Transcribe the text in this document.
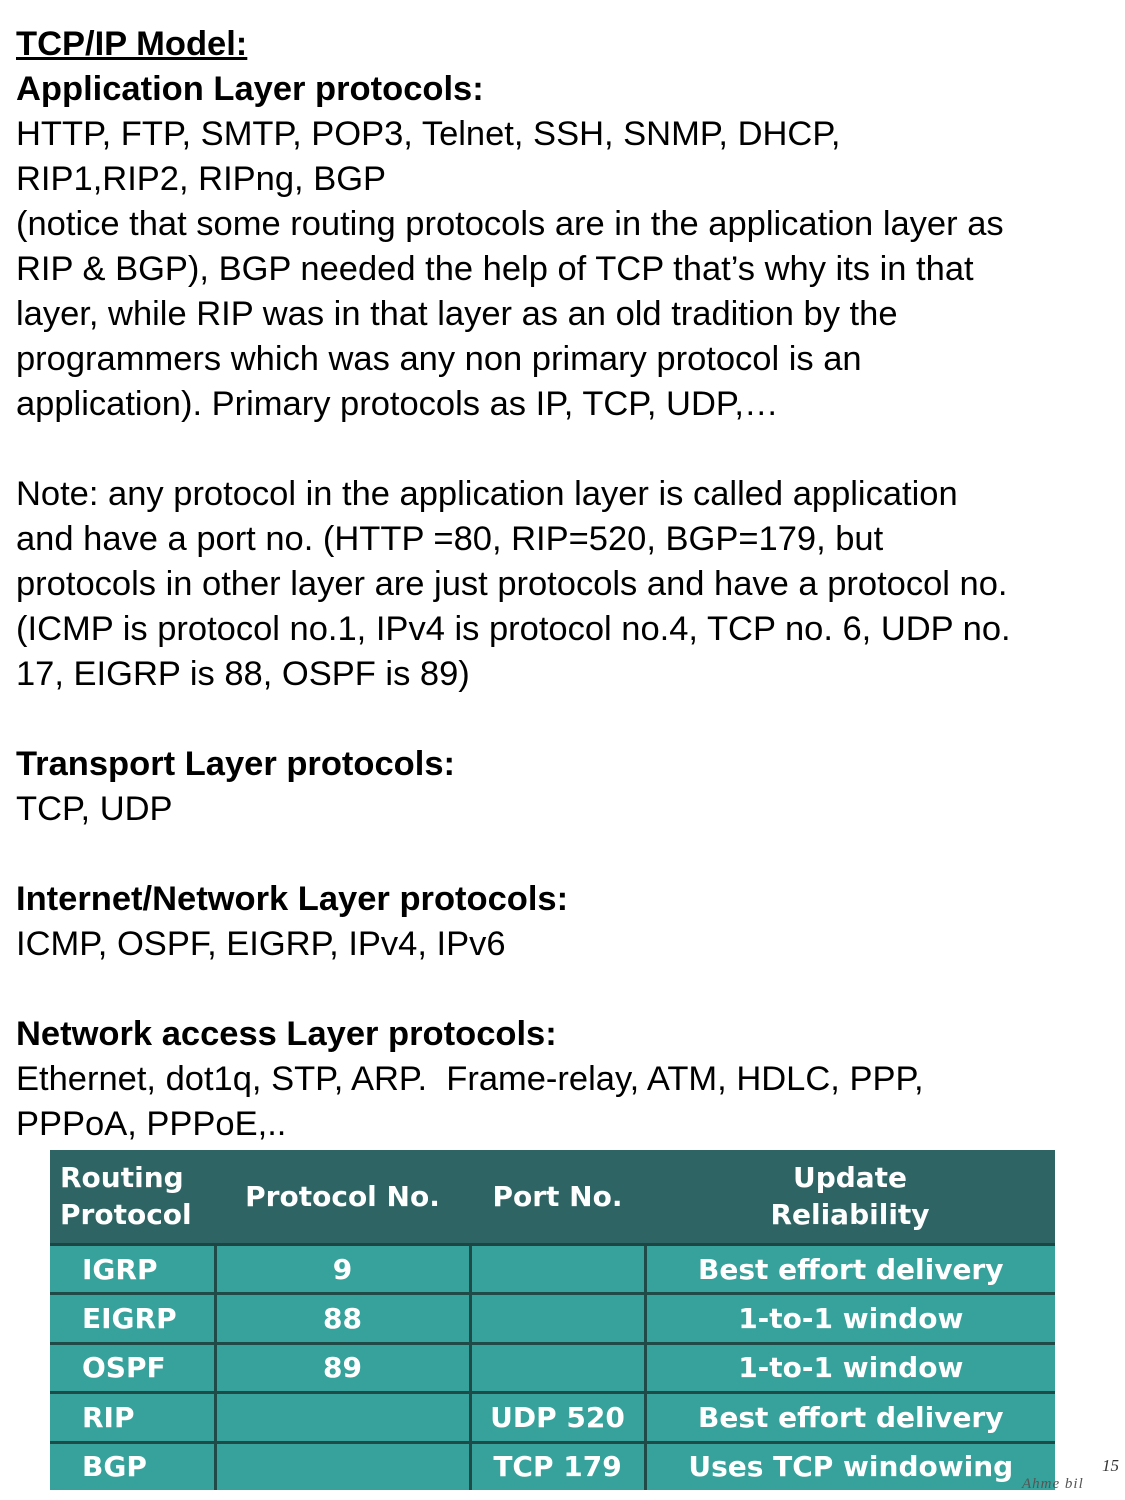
TCP/IP Model:
Application Layer protocols:
HTTP, FTP, SMTP, POP3, Telnet, SSH, SNMP, DHCP,
RIP1,RIP2, RIPng, BGP
(notice that some routing protocols are in the application layer as
RIP & BGP), BGP needed the help of TCP that’s why its in that
layer, while RIP was in that layer as an old tradition by the
programmers which was any non primary protocol is an
application). Primary protocols as IP, TCP, UDP,…
Note: any protocol in the application layer is called application
and have a port no. (HTTP =80, RIP=520, BGP=179, but
protocols in other layer are just protocols and have a protocol no.
(ICMP is protocol no.1, IPv4 is protocol no.4, TCP no. 6, UDP no.
17, EIGRP is 88, OSPF is 89)
Transport Layer protocols:
TCP, UDP
Internet/Network Layer protocols:
ICMP, OSPF, EIGRP, IPv4, IPv6
Network access Layer protocols:
Ethernet, dot1q, STP, ARP.  Frame-relay, ATM, HDLC, PPP,
PPPoA, PPPoE,..
Routing
Protocol	Protocol No.	Port No.	Update
Reliability
IGRP	9		Best effort delivery
EIGRP	88		1-to-1 window
OSPF	89		1-to-1 window
RIP		UDP 520	Best effort delivery
BGP		TCP 179	Uses TCP windowing	15
Ahme bil
